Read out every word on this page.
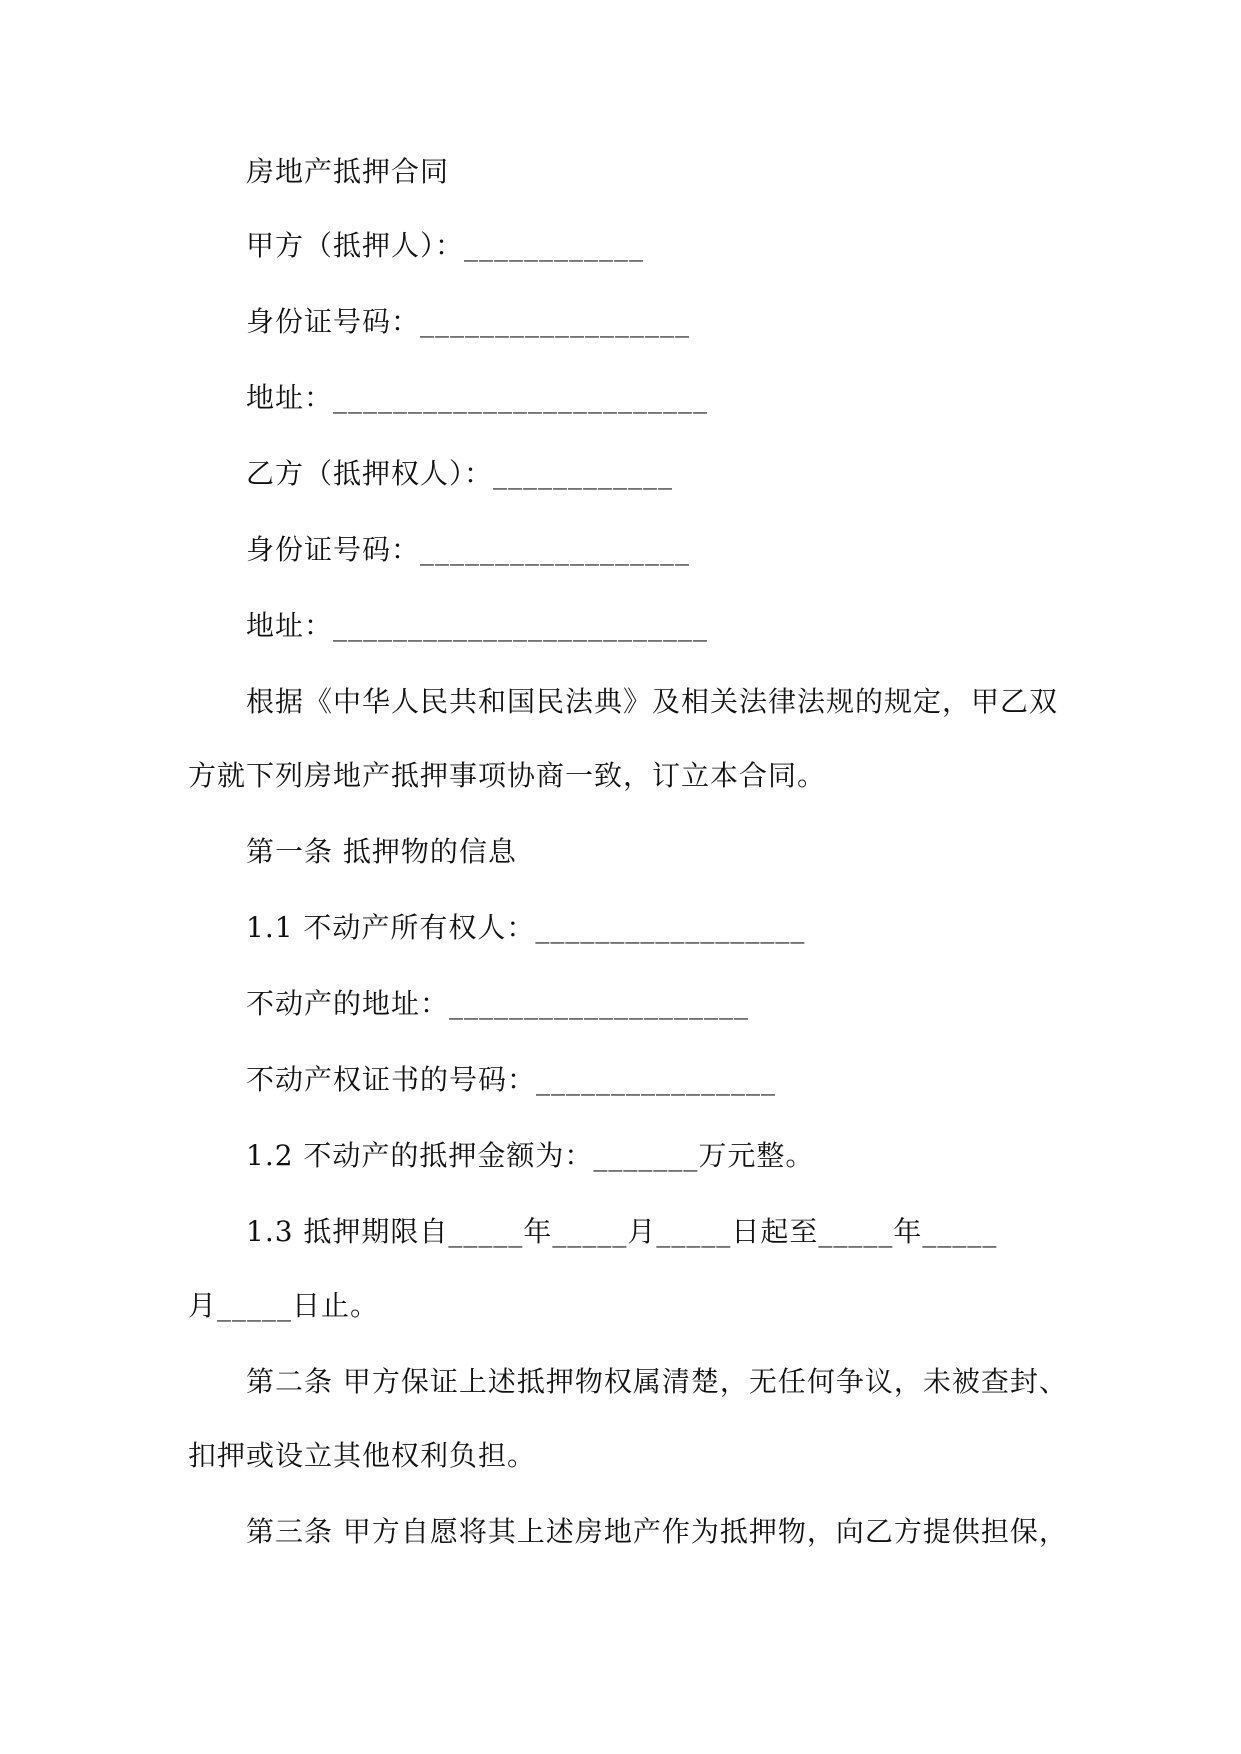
房地产抵押合同
甲方（抵押人）：____________
身份证号码：__________________
地址：_________________________
乙方（抵押权人）：____________
身份证号码：__________________
地址：_________________________
根据《中华人民共和国民法典》及相关法律法规的规定，甲乙双
方就下列房地产抵押事项协商一致，订立本合同。
第一条 抵押物的信息
1.1 不动产所有权人：__________________
不动产的地址：____________________
不动产权证书的号码：________________
1.2 不动产的抵押金额为：_______万元整。
1.3 抵押期限自_____年_____月_____日起至_____年_____
月_____日止。
第二条 甲方保证上述抵押物权属清楚，无任何争议，未被查封、
扣押或设立其他权利负担。
第三条 甲方自愿将其上述房地产作为抵押物，向乙方提供担保，
